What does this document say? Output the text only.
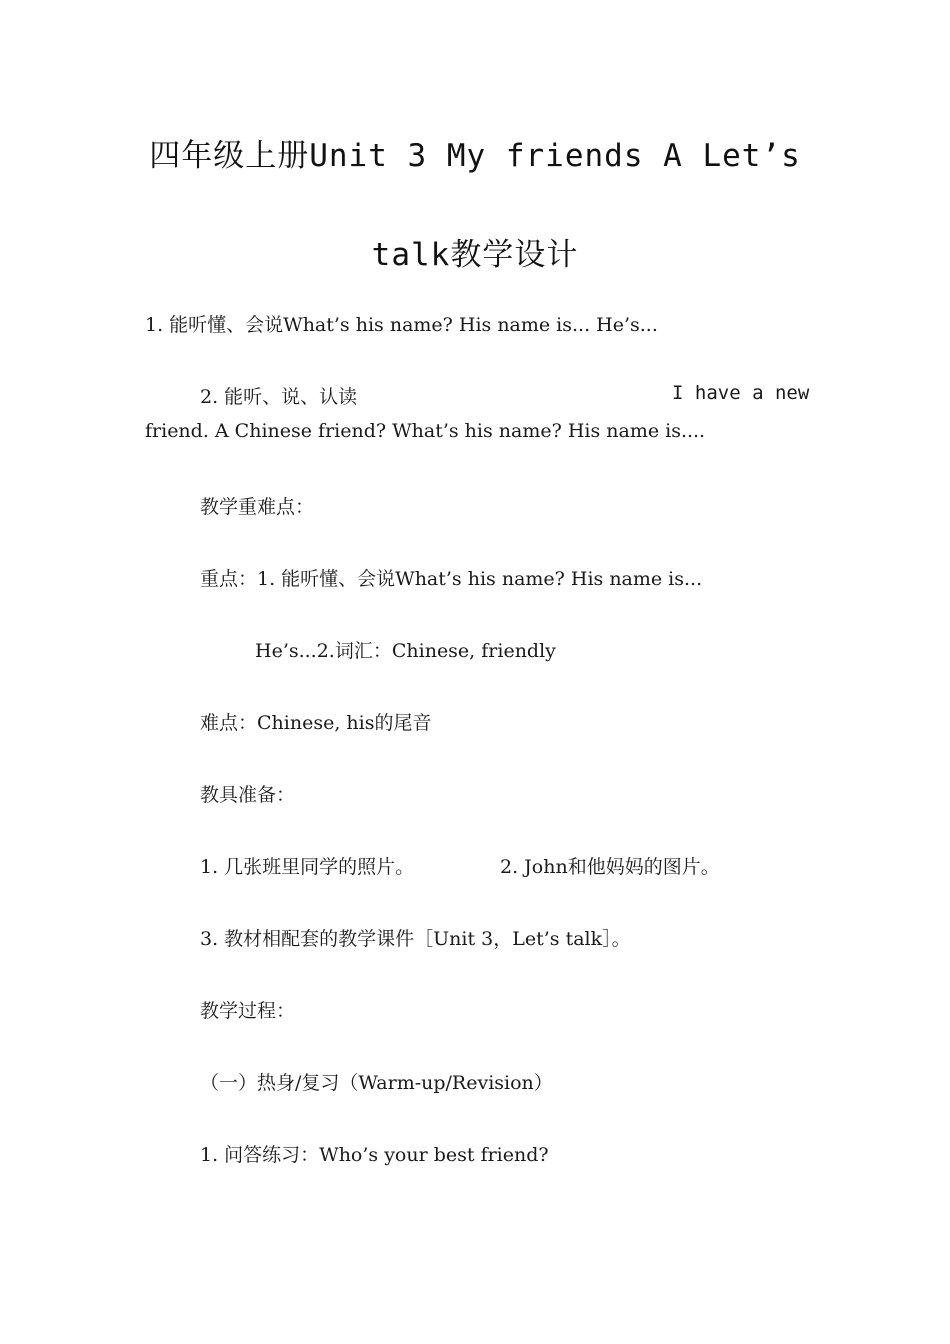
四年级上册Unit 3 My friends A Let’s
talk教学设计
1. 能听懂、会说What’s his name? His name is... He’s...
2. 能听、说、认读	I have a new
friend. A Chinese friend? What’s his name? His name is....
教学重难点：
重点：1. 能听懂、会说What’s his name? His name is...
He’s...2.词汇：Chinese, friendly
难点：Chinese, his的尾音
教具准备：
1. 几张班里同学的照片。	2. John和他妈妈的图片。
3. 教材相配套的教学课件［Unit 3，Let’s talk］。
教学过程：
（一）热身/复习（Warm-up/Revision）
1. 问答练习：Who’s your best friend?
